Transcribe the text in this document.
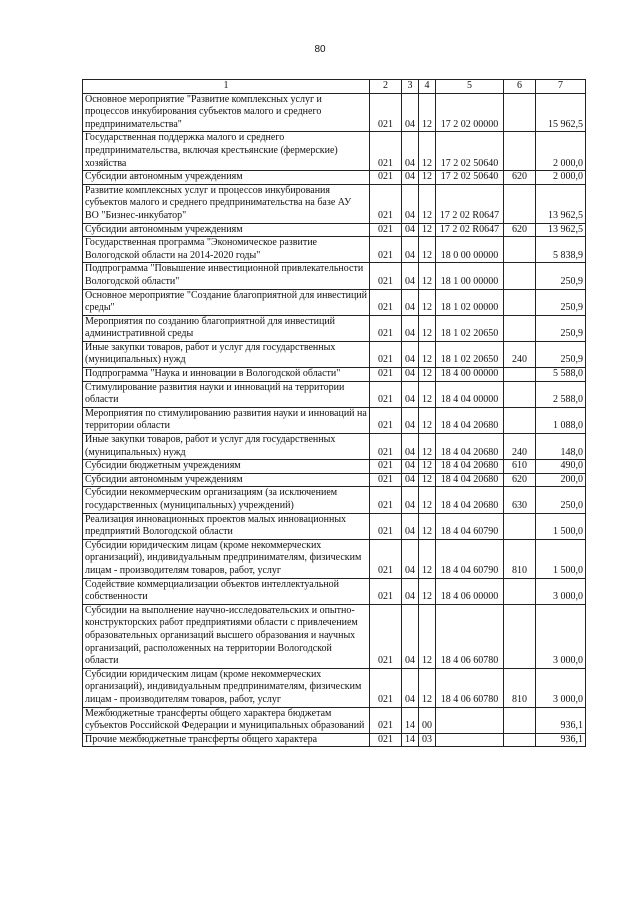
80
1	2	3	4	5	6	7
Основное мероприятие "Развитие комплексных услуг и процессов инкубирования субъектов малого и среднего предпринимательства"	021	04	12	17 2 02 00000		15 962,5
Государственная поддержка малого и среднего предпринимательства, включая крестьянские (фермерские) хозяйства	021	04	12	17 2 02 50640		2 000,0
Субсидии автономным учреждениям	021	04	12	17 2 02 50640	620	2 000,0
Развитие комплексных услуг и процессов инкубирования субъектов малого и среднего предпринимательства на базе АУ ВО "Бизнес-инкубатор"	021	04	12	17 2 02 R0647		13 962,5
Субсидии автономным учреждениям	021	04	12	17 2 02 R0647	620	13 962,5
Государственная программа "Экономическое развитие Вологодской области на 2014-2020 годы"	021	04	12	18 0 00 00000		5 838,9
Подпрограмма "Повышение инвестиционной привлекательности Вологодской области"	021	04	12	18 1 00 00000		250,9
Основное мероприятие "Создание благоприятной для инвестиций среды"	021	04	12	18 1 02 00000		250,9
Мероприятия по созданию благоприятной для инвестиций административной среды	021	04	12	18 1 02 20650		250,9
Иные закупки товаров, работ и услуг для государственных (муниципальных) нужд	021	04	12	18 1 02 20650	240	250,9
Подпрограмма "Наука и инновации в Вологодской области"	021	04	12	18 4 00 00000		5 588,0
Стимулирование развития науки и инноваций на территории области	021	04	12	18 4 04 00000		2 588,0
Мероприятия по стимулированию развития науки и инноваций на территории области	021	04	12	18 4 04 20680		1 088,0
Иные закупки товаров, работ и услуг для государственных (муниципальных) нужд	021	04	12	18 4 04 20680	240	148,0
Субсидии бюджетным учреждениям	021	04	12	18 4 04 20680	610	490,0
Субсидии автономным учреждениям	021	04	12	18 4 04 20680	620	200,0
Субсидии некоммерческим организациям (за исключением государственных (муниципальных) учреждений)	021	04	12	18 4 04 20680	630	250,0
Реализация инновационных проектов малых инновационных предприятий Вологодской области	021	04	12	18 4 04 60790		1 500,0
Субсидии юридическим лицам (кроме некоммерческих организаций), индивидуальным предпринимателям, физическим лицам - производителям товаров, работ, услуг	021	04	12	18 4 04 60790	810	1 500,0
Содействие коммерциализации объектов интеллектуальной собственности	021	04	12	18 4 06 00000		3 000,0
Субсидии на выполнение научно-исследовательских и опытно-конструкторских работ предприятиями области с привлечением образовательных организаций высшего образования и научных организаций, расположенных на территории Вологодской области	021	04	12	18 4 06 60780		3 000,0
Субсидии юридическим лицам (кроме некоммерческих организаций), индивидуальным предпринимателям, физическим лицам - производителям товаров, работ, услуг	021	04	12	18 4 06 60780	810	3 000,0
Межбюджетные трансферты общего характера бюджетам субъектов Российской Федерации и муниципальных образований	021	14	00			936,1
Прочие межбюджетные трансферты общего характера	021	14	03			936,1
